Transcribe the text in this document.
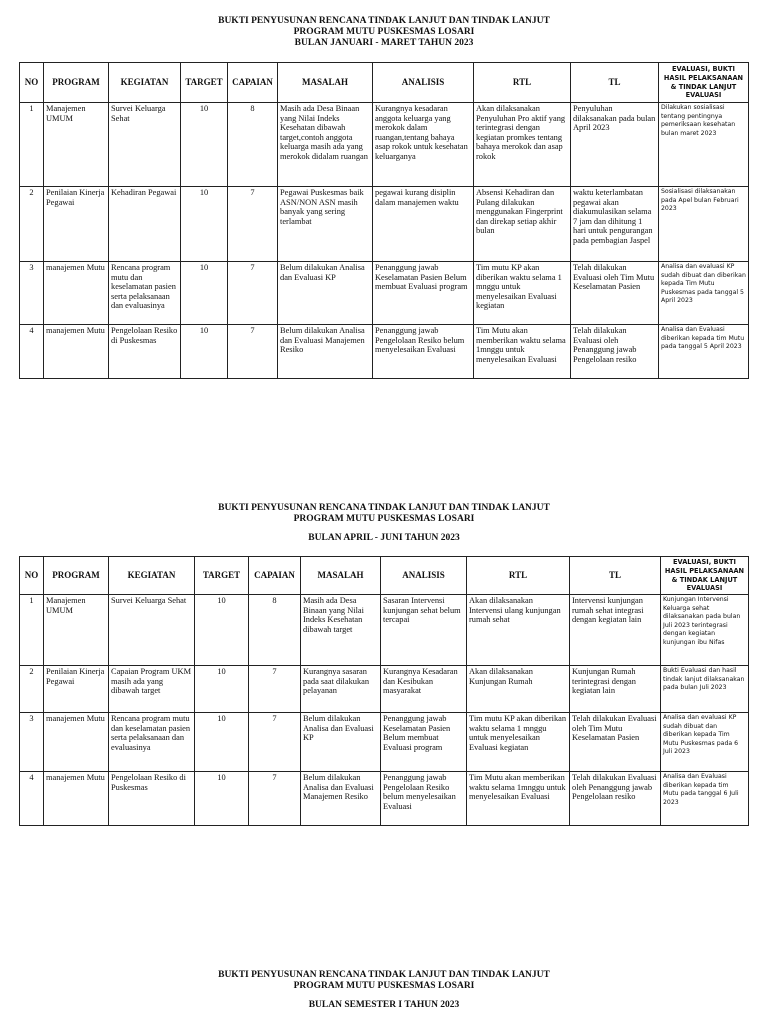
BUKTI PENYUSUNAN RENCANA TINDAK LANJUT DAN TINDAK LANJUT
PROGRAM MUTU PUSKESMAS LOSARI
BULAN JANUARI - MARET TAHUN 2023
NO	PROGRAM	KEGIATAN	TARGET	CAPAIAN	MASALAH	ANALISIS	RTL	TL	EVALUASI, BUKTI HASIL PELAKSANAAN & TINDAK LANJUT EVALUASI
1	Manajemen UMUM	Survei Keluarga Sehat	10	8	Masih ada Desa Binaan yang Nilai Indeks Kesehatan dibawah target,contoh anggota keluarga masih ada yang merokok didalam ruangan	Kurangnya kesadaran anggota keluarga yang merokok dalam ruangan,tentang bahaya asap rokok untuk kesehatan keluarganya	Akan dilaksanakan Penyuluhan Pro aktif yang terintegrasi dengan kegiatan promkes tentang bahaya merokok dan asap rokok	Penyuluhan dilaksanakan pada bulan April 2023	Dilakukan sosialisasi tentang pentingnya pemeriksaan kesehatan bulan maret 2023
2	Penilaian Kinerja Pegawai	Kehadiran Pegawai	10	7	Pegawai Puskesmas baik ASN/NON ASN masih banyak yang sering terlambat	pegawai kurang disiplin dalam manajemen waktu	Absensi Kehadiran dan Pulang dilakukan menggunakan Fingerprint dan direkap setiap akhir bulan	waktu keterlambatan pegawai akan diakumulasikan selama 7 jam dan dihitung 1 hari untuk pengurangan pada pembagian Jaspel	Sosialisasi dilaksanakan pada Apel bulan Februari 2023
3	manajemen Mutu	Rencana program mutu dan keselamatan pasien serta pelaksanaan dan evaluasinya	10	7	Belum dilakukan Analisa dan Evaluasi KP	Penanggung jawab Keselamatan Pasien Belum membuat Evaluasi program	Tim mutu KP akan diberikan waktu selama 1 mnggu untuk menyelesaikan Evaluasi kegiatan	Telah dilakukan Evaluasi oleh Tim Mutu Keselamatan Pasien	Analisa dan evaluasi KP sudah dibuat dan diberikan kepada Tim Mutu Puskesmas pada tanggal 5 April 2023
4	manajemen Mutu	Pengelolaan Resiko di Puskesmas	10	7	Belum dilakukan Analisa dan Evaluasi Manajemen Resiko	Penanggung jawab Pengelolaan Resiko belum menyelesaikan Evaluasi	Tim Mutu akan memberikan waktu selama 1mnggu untuk menyelesaikan Evaluasi	Telah dilakukan Evaluasi oleh Penanggung jawab Pengelolaan resiko	Analisa dan Evaluasi diberikan kepada tim Mutu pada tanggal 5 April 2023
BUKTI PENYUSUNAN RENCANA TINDAK LANJUT DAN TINDAK LANJUT
PROGRAM MUTU PUSKESMAS LOSARI
BULAN APRIL - JUNI TAHUN 2023
NO	PROGRAM	KEGIATAN	TARGET	CAPAIAN	MASALAH	ANALISIS	RTL	TL	EVALUASI, BUKTI HASIL PELAKSANAAN & TINDAK LANJUT EVALUASI
1	Manajemen UMUM	Survei Keluarga Sehat	10	8	Masih ada Desa Binaan yang Nilai Indeks Kesehatan dibawah target	Sasaran Intervensi kunjungan sehat belum tercapai	Akan dilaksanakan Intervensi ulang kunjungan rumah sehat	Intervensi kunjungan rumah sehat integrasi dengan kegiatan lain	Kunjungan Intervensi Keluarga sehat dilaksanakan pada bulan Juli 2023 terintegrasi dengan kegiatan kunjungan ibu Nifas
2	Penilaian Kinerja Pegawai	Capaian Program UKM masih ada yang dibawah target	10	7	Kurangnya sasaran pada saat dilakukan pelayanan	Kurangnya Kesadaran dan Kesibukan masyarakat	Akan dilaksanakan Kunjungan Rumah	Kunjungan Rumah terintegrasi dengan kegiatan lain	Bukti Evaluasi dan hasil tindak lanjut dilaksanakan pada bulan Juli 2023
3	manajemen Mutu	Rencana program mutu dan keselamatan pasien serta pelaksanaan dan evaluasinya	10	7	Belum dilakukan Analisa dan Evaluasi KP	Penanggung jawab Keselamatan Pasien Belum membuat Evaluasi program	Tim mutu KP akan diberikan waktu selama 1 mnggu untuk menyelesaikan Evaluasi kegiatan	Telah dilakukan Evaluasi oleh Tim Mutu Keselamatan Pasien	Analisa dan evaluasi KP sudah dibuat dan diberikan kepada Tim Mutu Puskesmas pada 6 Juli 2023
4	manajemen Mutu	Pengelolaan Resiko di Puskesmas	10	7	Belum dilakukan Analisa dan Evaluasi Manajemen Resiko	Penanggung jawab Pengelolaan Resiko belum menyelesaikan Evaluasi	Tim Mutu akan memberikan waktu selama 1mnggu untuk menyelesaikan Evaluasi	Telah dilakukan Evaluasi oleh Penanggung jawab Pengelolaan resiko	Analisa dan Evaluasi diberikan kepada tim Mutu pada tanggal 6 Juli 2023
BUKTI PENYUSUNAN RENCANA TINDAK LANJUT DAN TINDAK LANJUT
PROGRAM MUTU PUSKESMAS LOSARI
BULAN SEMESTER I TAHUN 2023
